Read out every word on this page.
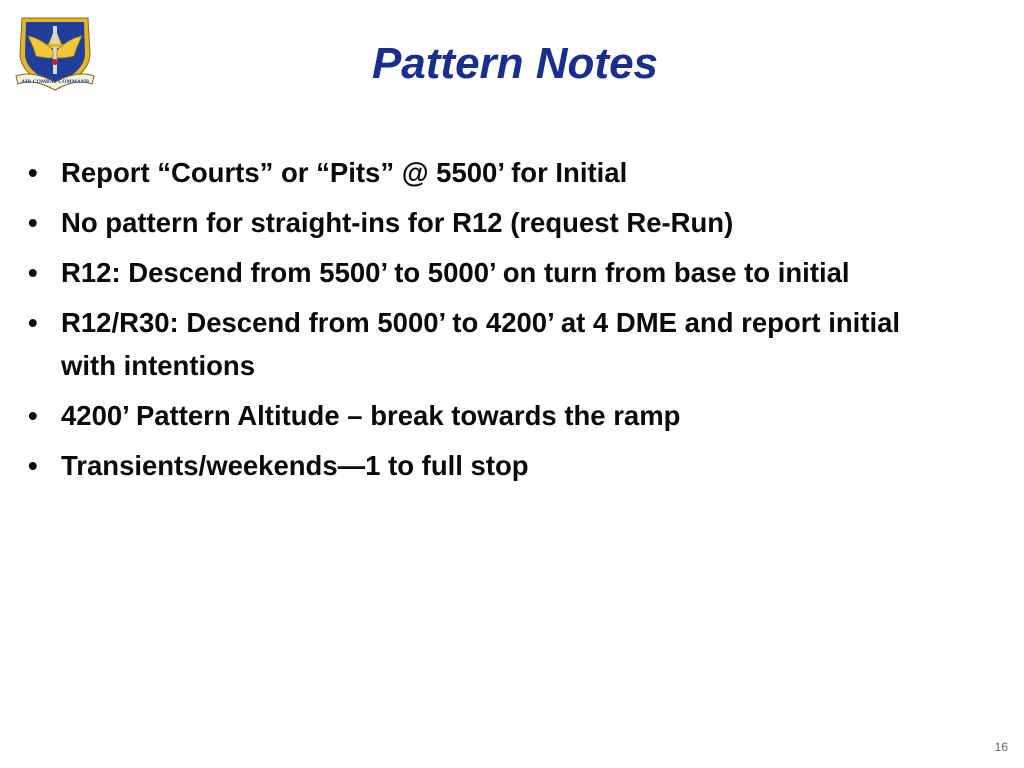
AIR COMBAT COMMAND	Pattern Notes
• Report “Courts” or “Pits” @ 5500’ for Initial
• No pattern for straight-ins for R12 (request Re-Run)
• R12: Descend from 5500’ to 5000’ on turn from base to initial
• R12/R30: Descend from 5000’ to 4200’ at 4 DME and report initial with intentions
• 4200’ Pattern Altitude – break towards the ramp
• Transients/weekends—1 to full stop
16
